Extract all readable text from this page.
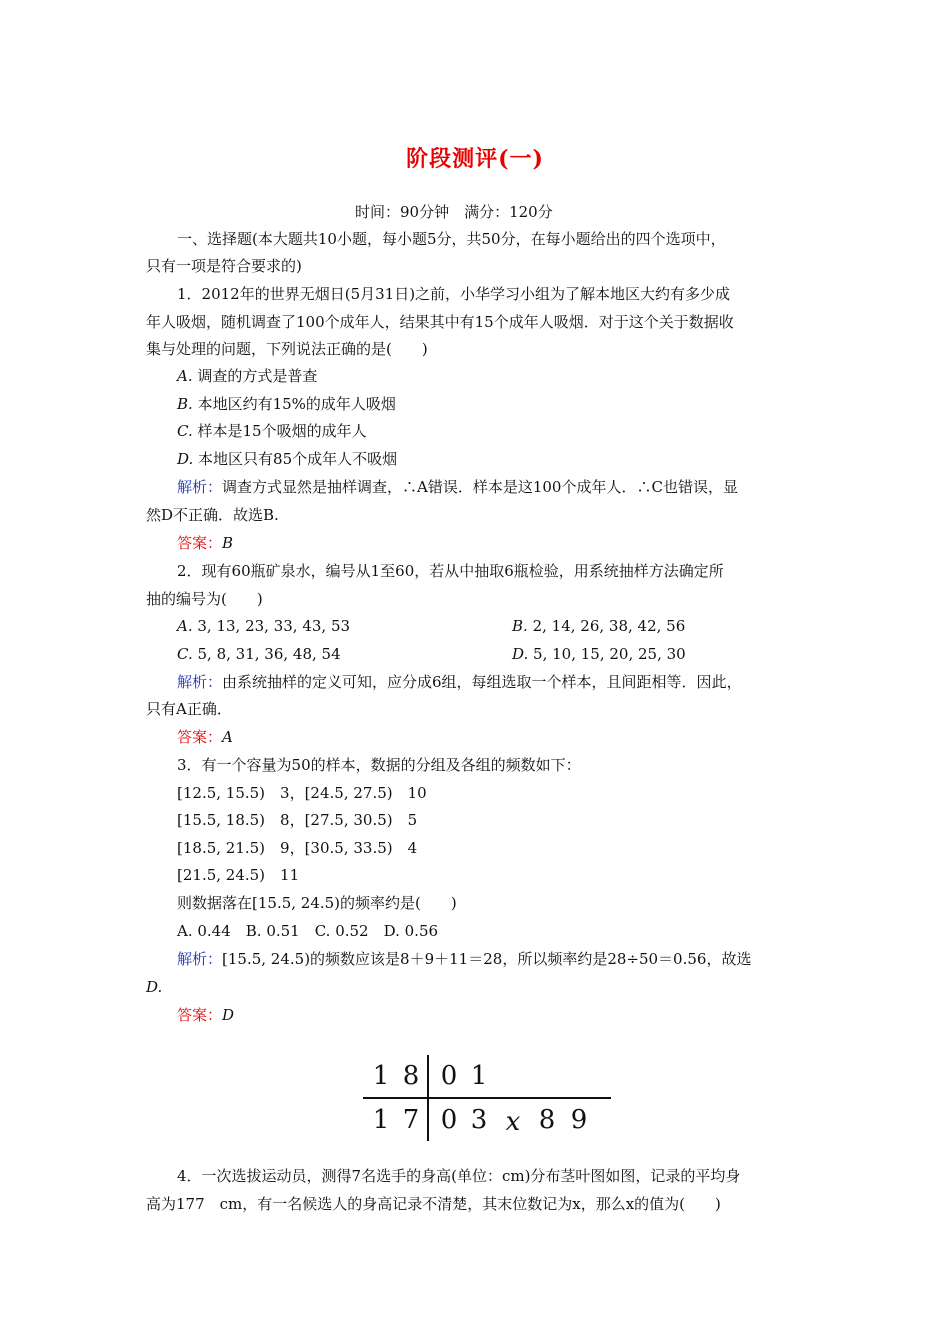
阶段测评(一)
时间：90分钟　满分：120分
一、选择题(本大题共10小题，每小题5分，共50分，在每小题给出的四个选项中，
只有一项是符合要求的)
1．2012年的世界无烟日(5月31日)之前，小华学习小组为了解本地区大约有多少成
年人吸烟，随机调查了100个成年人，结果其中有15个成年人吸烟．对于这个关于数据收
集与处理的问题，下列说法正确的是(　　)
A. 调查的方式是普查
B. 本地区约有15%的成年人吸烟
C. 样本是15个吸烟的成年人
D. 本地区只有85个成年人不吸烟
解析：调查方式显然是抽样调查，∴A错误．样本是这100个成年人．∴C也错误，显
然D不正确．故选B.
答案：B
2．现有60瓶矿泉水，编号从1至60，若从中抽取6瓶检验，用系统抽样方法确定所
抽的编号为(　　)
A. 3, 13, 23, 33, 43, 53	B. 2, 14, 26, 38, 42, 56
C. 5, 8, 31, 36, 48, 54	D. 5, 10, 15, 20, 25, 30
解析：由系统抽样的定义可知，应分成6组，每组选取一个样本，且间距相等．因此，
只有A正确．
答案：A
3．有一个容量为50的样本，数据的分组及各组的频数如下：
[12.5, 15.5)　3，[24.5, 27.5)　10
[15.5, 18.5)　8，[27.5, 30.5)　5
[18.5, 21.5)　9，[30.5, 33.5)　4
[21.5, 24.5)　11
则数据落在[15.5, 24.5)的频率约是(　　)
A. 0.44　B. 0.51　C. 0.52　D. 0.56
解析：[15.5, 24.5)的频数应该是8＋9＋11＝28，所以频率约是28÷50＝0.56，故选
D.
答案：D
1 8 0 1
1 7 0 3 x 8 9
4．一次选拔运动员，测得7名选手的身高(单位：cm)分布茎叶图如图，记录的平均身
高为177　cm，有一名候选人的身高记录不清楚，其末位数记为x，那么x的值为(　　)
